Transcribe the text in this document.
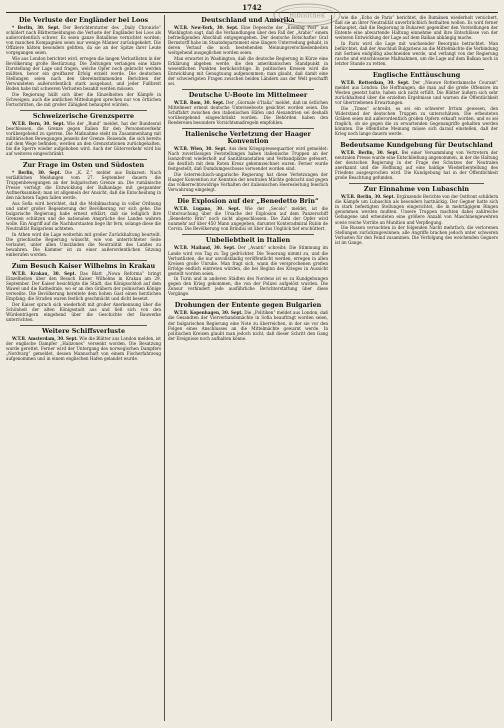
1742
Bibliothek
Die Verluste der Engländer bei Loos

* Berlin, 30. Sept. Der Berichterstatter des „Daily Chronicle“ schildert nach Blättermeldungen die Verluste der Engländer bei Loos als außerordentlich schwer. Es seien ganze Bataillone vernichtet worden; von manchen Kompagnien seien nur wenige Männer zurückgekehrt. Die Offiziere hätten besonders gelitten, da sie an der Spitze ihrer Leute vorgegangen seien.

Wie aus London berichtet wird, erregen die langen Verlustlisten in der Bevölkerung große Bestürzung. Die Zeitungen verlangen eine klare Darstellung der Lage und fragen, welche Opfer noch gebracht werden müßten, bevor ein greifbarer Erfolg erzielt werde. Die deutschen Stellungen seien nach den übereinstimmenden Berichten der Verwundeten außerordentlich stark ausgebaut, und jeder Fußbreit Boden habe mit schweren Verlusten bezahlt werden müssen.

Die Regierung hüllt sich über die Einzelheiten der Kämpfe in Schweigen; auch die amtlichen Mitteilungen sprechen nur von örtlichen Fortschritten, die mit großer Zähigkeit behauptet würden.

Schweizerische Grenzsperre

W.T.B. Bern, 30. Sept. Wie der „Bund“ meldet, hat der Bundesrat beschlossen, die Grenze gegen Italien für den Personenverkehr vorübergehend zu sperren. Die Maßnahme steht im Zusammenhang mit militärischen Bewegungen jenseits der Grenze. Reisende, die sich bereits auf dem Wege befinden, werden an den Grenzstationen zurückgehalten, bis die Sperre wieder aufgehoben wird. Auch der Güterverkehr wird bis auf weiteres eingeschränkt.

Zur Frage im Osten und Südosten

* Berlin, 30. Sept. Die „K. Z.“ meldet aus Bukarest: Nach verläßlichen Meldungen vom 27. September dauern die Truppenbewegungen an der bulgarischen Grenze an. Die rumänische Presse verfolgt die Entwicklung der Balkanlage mit gespannter Aufmerksamkeit; man ist allgemein der Ansicht, daß die Entscheidung in den nächsten Tagen fallen werde.

Aus Sofia wird berichtet, daß die Mobilmachung in voller Ordnung und unter großer Begeisterung der Bevölkerung vor sich gehe. Die bulgarische Regierung habe erneut erklärt, daß sie lediglich ihre Grenzen schützen und die nationalen Ansprüche des Landes wahren wolle. Ein Angriff auf die Nachbarstaaten liege ihr fern, solange diese die Neutralität Bulgariens achteten.

In Athen wird die Lage weiterhin mit großer Zurückhaltung beurteilt. Die griechische Regierung wünscht, wie von unterrichteter Seite verlautet, unter allen Umständen die Neutralität des Landes zu bewahren. Die Kammer ist zu einer außerordentlichen Sitzung einberufen worden.

Zum Besuch Kaiser Wilhelms in Krakau

W.T.B. Krakau, 30. Sept. Das Blatt „Nowa Reforma“ bringt Einzelheiten über den Besuch Kaiser Wilhelms in Krakau am 29. September. Der Kaiser besichtigte die Stadt, das Königsschloß auf dem Wawel und die Kathedrale, wo er an den Gräbern der polnischen Könige verweilte. Die Bevölkerung bereitete dem hohen Gast einen herzlichen Empfang; die Straßen waren festlich geschmückt und dicht besetzt.

Der Kaiser sprach sich wiederholt mit großer Anerkennung über die Schönheit der alten Königsstadt aus und ließ sich von den Würdenträgern eingehend über die Geschichte der Bauwerke unterrichten.

Weitere Schiffsverluste

W.T.B. Amsterdam, 30. Sept. Wie die Blätter aus London melden, ist der englische Dampfer „Halizones“ versenkt worden. Die Besatzung wurde gerettet. Ferner wird der Untergang des norwegischen Dampfers „Nordvarg“ gemeldet, dessen Mannschaft von einem Fischerfahrzeug aufgenommen und in einem englischen Hafen gelandet wurde.

Deutschland und Amerika

W.T.B. New-York, 30. Sept. Eine Depesche der „Evening Post“ aus Washington sagt, daß die Verhandlungen über den Fall der „Arabic“ einem befriedigenden Abschluß entgegengehen. Der deutsche Botschafter Graf Bernstorff habe im Staatsdepartement eine längere Unterredung gehabt, in deren Verlauf die noch bestehenden Meinungsverschiedenheiten weitgehend ausgeglichen worden seien.

Man erwartet in Washington, daß die deutsche Regierung in Kürze eine Erklärung abgeben werde, die den amerikanischen Standpunkt in wesentlichen Punkten berücksichtige. In politischen Kreisen wird die Entwicklung mit Genugtuung aufgenommen; man glaubt, daß damit eine der schwierigsten Fragen zwischen beiden Ländern aus der Welt geschafft sei.

Deutsche U-Boote im Mittelmeer

W.T.B. Rom, 30. Sept. Der „Giornale d'Italia“ meldet, daß im östlichen Mittelmeer erneut deutsche Unterseeboote gesichtet worden seien. Die Schiffahrt zwischen den italienischen Häfen und Alexandrien sei deshalb vorübergehend eingeschränkt worden. Die Behörden haben den Reedereien besondere Vorsichtsmaßregeln empfohlen.

Italienische Verletzung der Haager Konvention

W.T.B. Wien, 30. Sept. Aus dem Kriegspressequartier wird gemeldet: Nach zuverlässigen Feststellungen haben italienische Truppen an der Isonzofront wiederholt auf Sanitätsanstalten und Verbandplätze gefeuert, die deutlich mit dem Roten Kreuz gekennzeichnet waren. Ferner wurde festgestellt, daß Dumdumgeschosse verwendet worden sind.

Die österreichisch-ungarische Regierung hat diese Verletzungen der Haager Konvention zur Kenntnis der neutralen Mächte gebracht und gegen das völkerrechtswidrige Verhalten der italienischen Heeresleitung feierlich Verwahrung eingelegt.

Die Explosion auf der „Benedetto Brin“

W.T.B. Lugano, 30. Sept. Wie der „Secolo“ meldet, ist die Untersuchung über die Ursache der Explosion auf dem Panzerschiff „Benedetto Brin“ noch nicht abgeschlossen. Die Zahl der Opfer wird nunmehr auf über 450 Mann angegeben, darunter Konteradmiral Rubin de Cervin. Die Bevölkerung von Brindisi ist über das Unglück tief erschüttert.

Unbeliebtheit in Italien

W.T.B. Mailand, 30. Sept. Der „Avanti“ schreibt: Die Stimmung im Lande wird von Tag zu Tag gedrückter. Die Teuerung nimmt zu, und die Verlustlisten, die nur unvollständig veröffentlicht werden, erregen in allen Kreisen große Unruhe. Man fragt sich, wann die versprochenen großen Erfolge endlich eintreten würden, die bei Beginn des Krieges in Aussicht gestellt worden seien.

In Turin und in anderen Städten des Nordens ist es zu Kundgebungen gegen den Krieg gekommen, die von der Polizei aufgelöst wurden. Die Zensur verhindert jede ausführliche Berichterstattung über diese Vorgänge.

Drohungen der Entente gegen Bulgarien

W.T.B. Kopenhagen, 30. Sept. Die „Politiken“ meldet aus London, daß die Gesandten der Vierverbandsmächte in Sofia beauftragt worden seien, der bulgarischen Regierung eine Note zu überreichen, in der sie vor den Folgen eines Anschlusses an die Mittelmächte gewarnt werde. In politischen Kreisen glaubt man jedoch nicht, daß dieser Schritt den Gang der Ereignisse noch aufhalten könne.

wie die „Echo de Paris“ berichtet, die Rumänen wiederholt versichert, daß sie an ihrer Neutralität unverbrüchlich festhalten wollen. Es wird ferner behauptet, daß die Regierung in Bukarest gegenüber den Vorstellungen der Entente eine abwartende Haltung einnehme und ihre Entschlüsse von der weiteren Entwicklung der Lage auf dem Balkan abhängig mache.

In Paris wird die Lage mit wachsender Besorgnis betrachtet. Man befürchtet, daß der Anschluß Bulgariens an die Mittelmächte die Verbindung mit Serbien endgültig abschneiden werde, und verlangt von der Regierung rasche und entschlossene Maßnahmen, um die Lage auf dem Balkan noch in letzter Stunde zu retten.

Englische Enttäuschung

W.T.B. Rotterdam, 30. Sept. Der „Nieuwe Rotterdamsche Courant“ meldet aus London: Die Hoffnungen, die man auf die große Offensive im Westen gesetzt hatte, haben sich nicht erfüllt. Die Blätter äußern sich sehr zurückhaltend über die erzielten Ergebnisse und warnen die Öffentlichkeit vor übertriebenen Erwartungen.

Die „Times“ schreibt, es sei ein schwerer Irrtum gewesen, den Widerstand der deutschen Truppen zu unterschätzen. Die erbeuteten Gräben seien mit außerordentlich großen Opfern erkauft worden, und es sei fraglich, ob sie gegen die zu erwartenden Gegenangriffe gehalten werden könnten. Die öffentliche Meinung müsse sich darauf einstellen, daß der Krieg noch lange dauern werde.

Bedeutsame Kundgebung für Deutschland

W.T.B. Berlin, 30. Sept. Bei einer Versammlung von Vertretern der neutralen Presse wurde eine Entschließung angenommen, in der die Haltung der deutschen Regierung in der Frage des Schutzes der Neutralen anerkannt und die Hoffnung auf eine baldige Wiederherstellung des Friedens ausgesprochen wird. Die Kundgebung hat in der Öffentlichkeit große Beachtung gefunden.

Zur Einnahme von Lubaschin

W.T.B. Berlin, 30. Sept. Ergänzende Berichte von der Ostfront schildern die Kämpfe um Lubaschin als besonders hartnäckig. Der Gegner hatte sich in stark befestigten Stellungen eingerichtet, die in mehrtägigem Ringen genommen werden mußten. Unsere Truppen machten dabei zahlreiche Gefangene und erbeuteten eine größere Anzahl von Maschinengewehren sowie reiche Vorräte an Munition und Verpflegung.

Die Russen versuchten in der folgenden Nacht mehrfach, die verlorenen Stellungen zurückzugewinnen; alle Angriffe brachen jedoch unter schweren Verlusten für den Feind zusammen. Die Verfolgung des weichenden Gegners ist im Gange.
